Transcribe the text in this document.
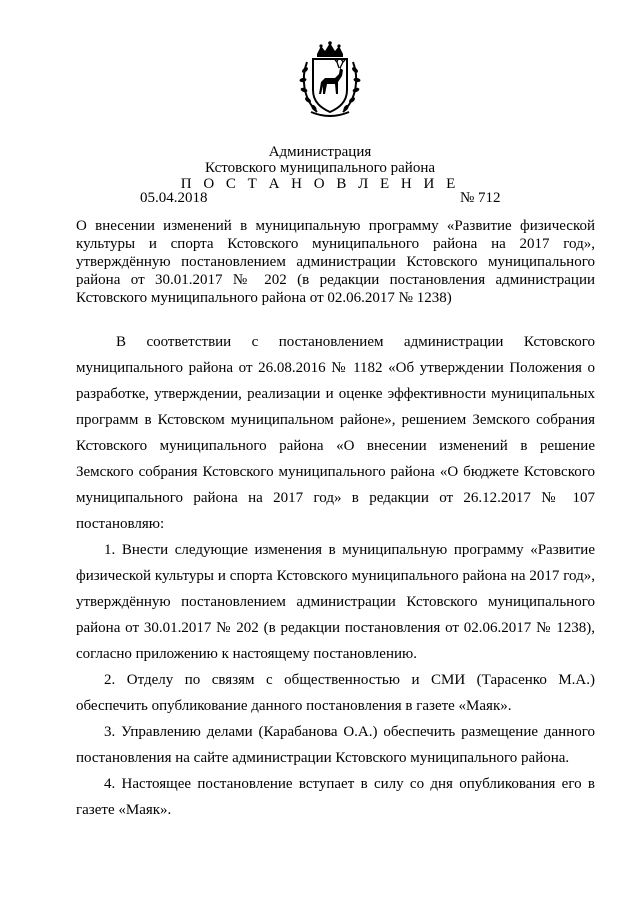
Администрация
Кстовского муниципального района
П О С Т А Н О В Л Е Н И Е
05.04.2018	№ 712
О внесении изменений в муниципальную программу «Развитие физической культуры и спорта Кстовского муниципального района на 2017 год», утверждённую постановлением администрации Кстовского муниципального района от 30.01.2017 № 202 (в редакции постановления администрации Кстовского муниципального района от 02.06.2017 № 1238)

В соответствии с постановлением администрации Кстовского муниципального района от 26.08.2016 № 1182 «Об утверждении Положения о разработке, утверждении, реализации и оценке эффективности муниципальных программ в Кстовском муниципальном районе», решением Земского собрания Кстовского муниципального района «О внесении изменений в решение Земского собрания Кстовского муниципального района «О бюджете Кстовского муниципального района на 2017 год» в редакции от 26.12.2017 № 107 постановляю:

1. Внести следующие изменения в муниципальную программу «Развитие физической культуры и спорта Кстовского муниципального района на 2017 год», утверждённую постановлением администрации Кстовского муниципального района от 30.01.2017 № 202 (в редакции постановления от 02.06.2017 № 1238), согласно приложению к настоящему постановлению.

2. Отделу по связям с общественностью и СМИ (Тарасенко М.А.) обеспечить опубликование данного постановления в газете «Маяк».

3. Управлению делами (Карабанова О.А.) обеспечить размещение данного постановления на сайте администрации Кстовского муниципального района.

4. Настоящее постановление вступает в силу со дня опубликования его в газете «Маяк».
